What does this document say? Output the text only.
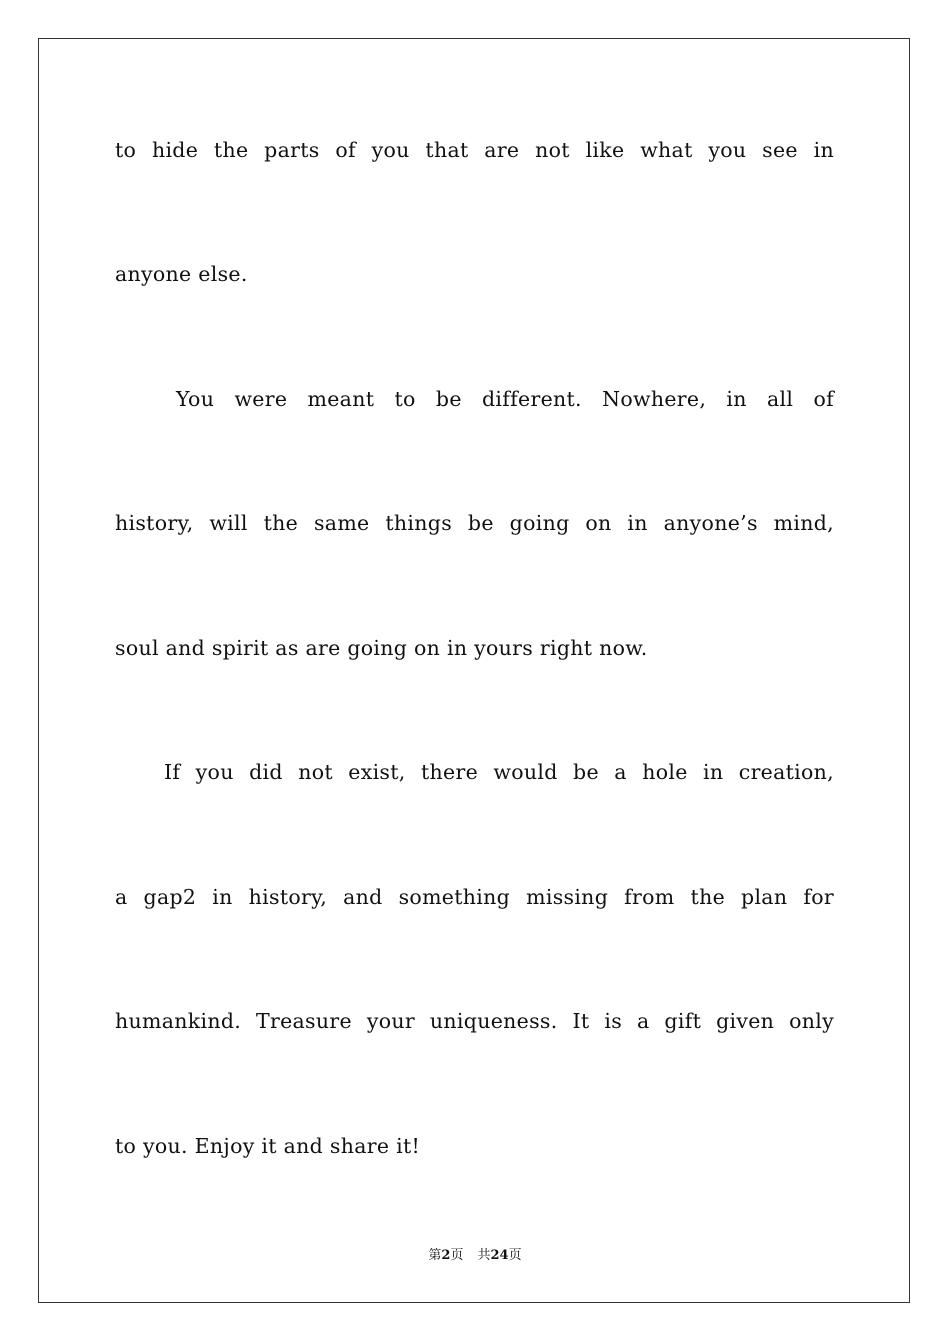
to hide the parts of you that are not like what you see in
anyone else.
You were meant to be different. Nowhere, in all of
history, will the same things be going on in anyone’s mind,
soul and spirit as are going on in yours right now.
If you did not exist, there would be a hole in creation,
a gap2 in history, and something missing from the plan for
humankind. Treasure your uniqueness. It is a gift given only
to you. Enjoy it and share it!
第2页 共24页
